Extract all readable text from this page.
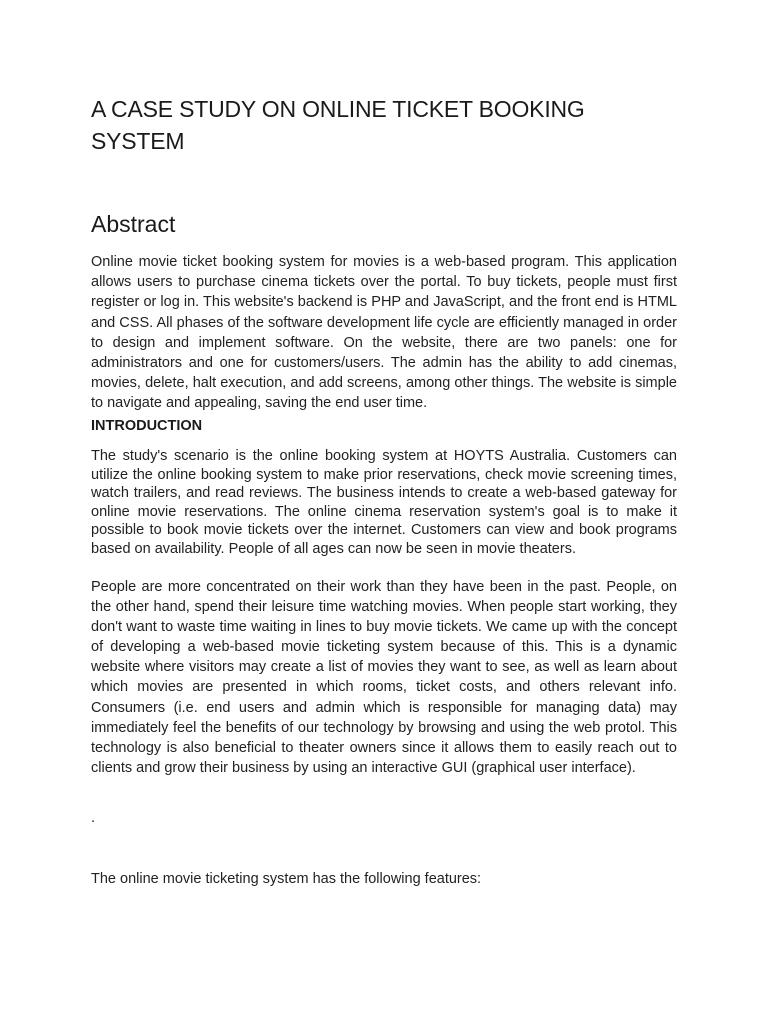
A CASE STUDY ON ONLINE TICKET BOOKING SYSTEM
Abstract

Online movie ticket booking system for movies is a web-based program. This application allows users to purchase cinema tickets over the portal. To buy tickets, people must first register or log in. This website's backend is PHP and JavaScript, and the front end is HTML and CSS. All phases of the software development life cycle are efficiently managed in order to design and implement software. On the website, there are two panels: one for administrators and one for customers/users. The admin has the ability to add cinemas, movies, delete, halt execution, and add screens, among other things. The website is simple to navigate and appealing, saving the end user time.

INTRODUCTION

The study's scenario is the online booking system at HOYTS Australia. Customers can utilize the online booking system to make prior reservations, check movie screening times, watch trailers, and read reviews. The business intends to create a web-based gateway for online movie reservations. The online cinema reservation system's goal is to make it possible to book movie tickets over the internet. Customers can view and book programs based on availability. People of all ages can now be seen in movie theaters.

People are more concentrated on their work than they have been in the past. People, on the other hand, spend their leisure time watching movies. When people start working, they don't want to waste time waiting in lines to buy movie tickets. We came up with the concept of developing a web-based movie ticketing system because of this. This is a dynamic website where visitors may create a list of movies they want to see, as well as learn about which movies are presented in which rooms, ticket costs, and others relevant info. Consumers (i.e. end users and admin which is responsible for managing data) may immediately feel the benefits of our technology by browsing and using the web protol. This technology is also beneficial to theater owners since it allows them to easily reach out to clients and grow their business by using an interactive GUI (graphical user interface).

.

The online movie ticketing system has the following features:
